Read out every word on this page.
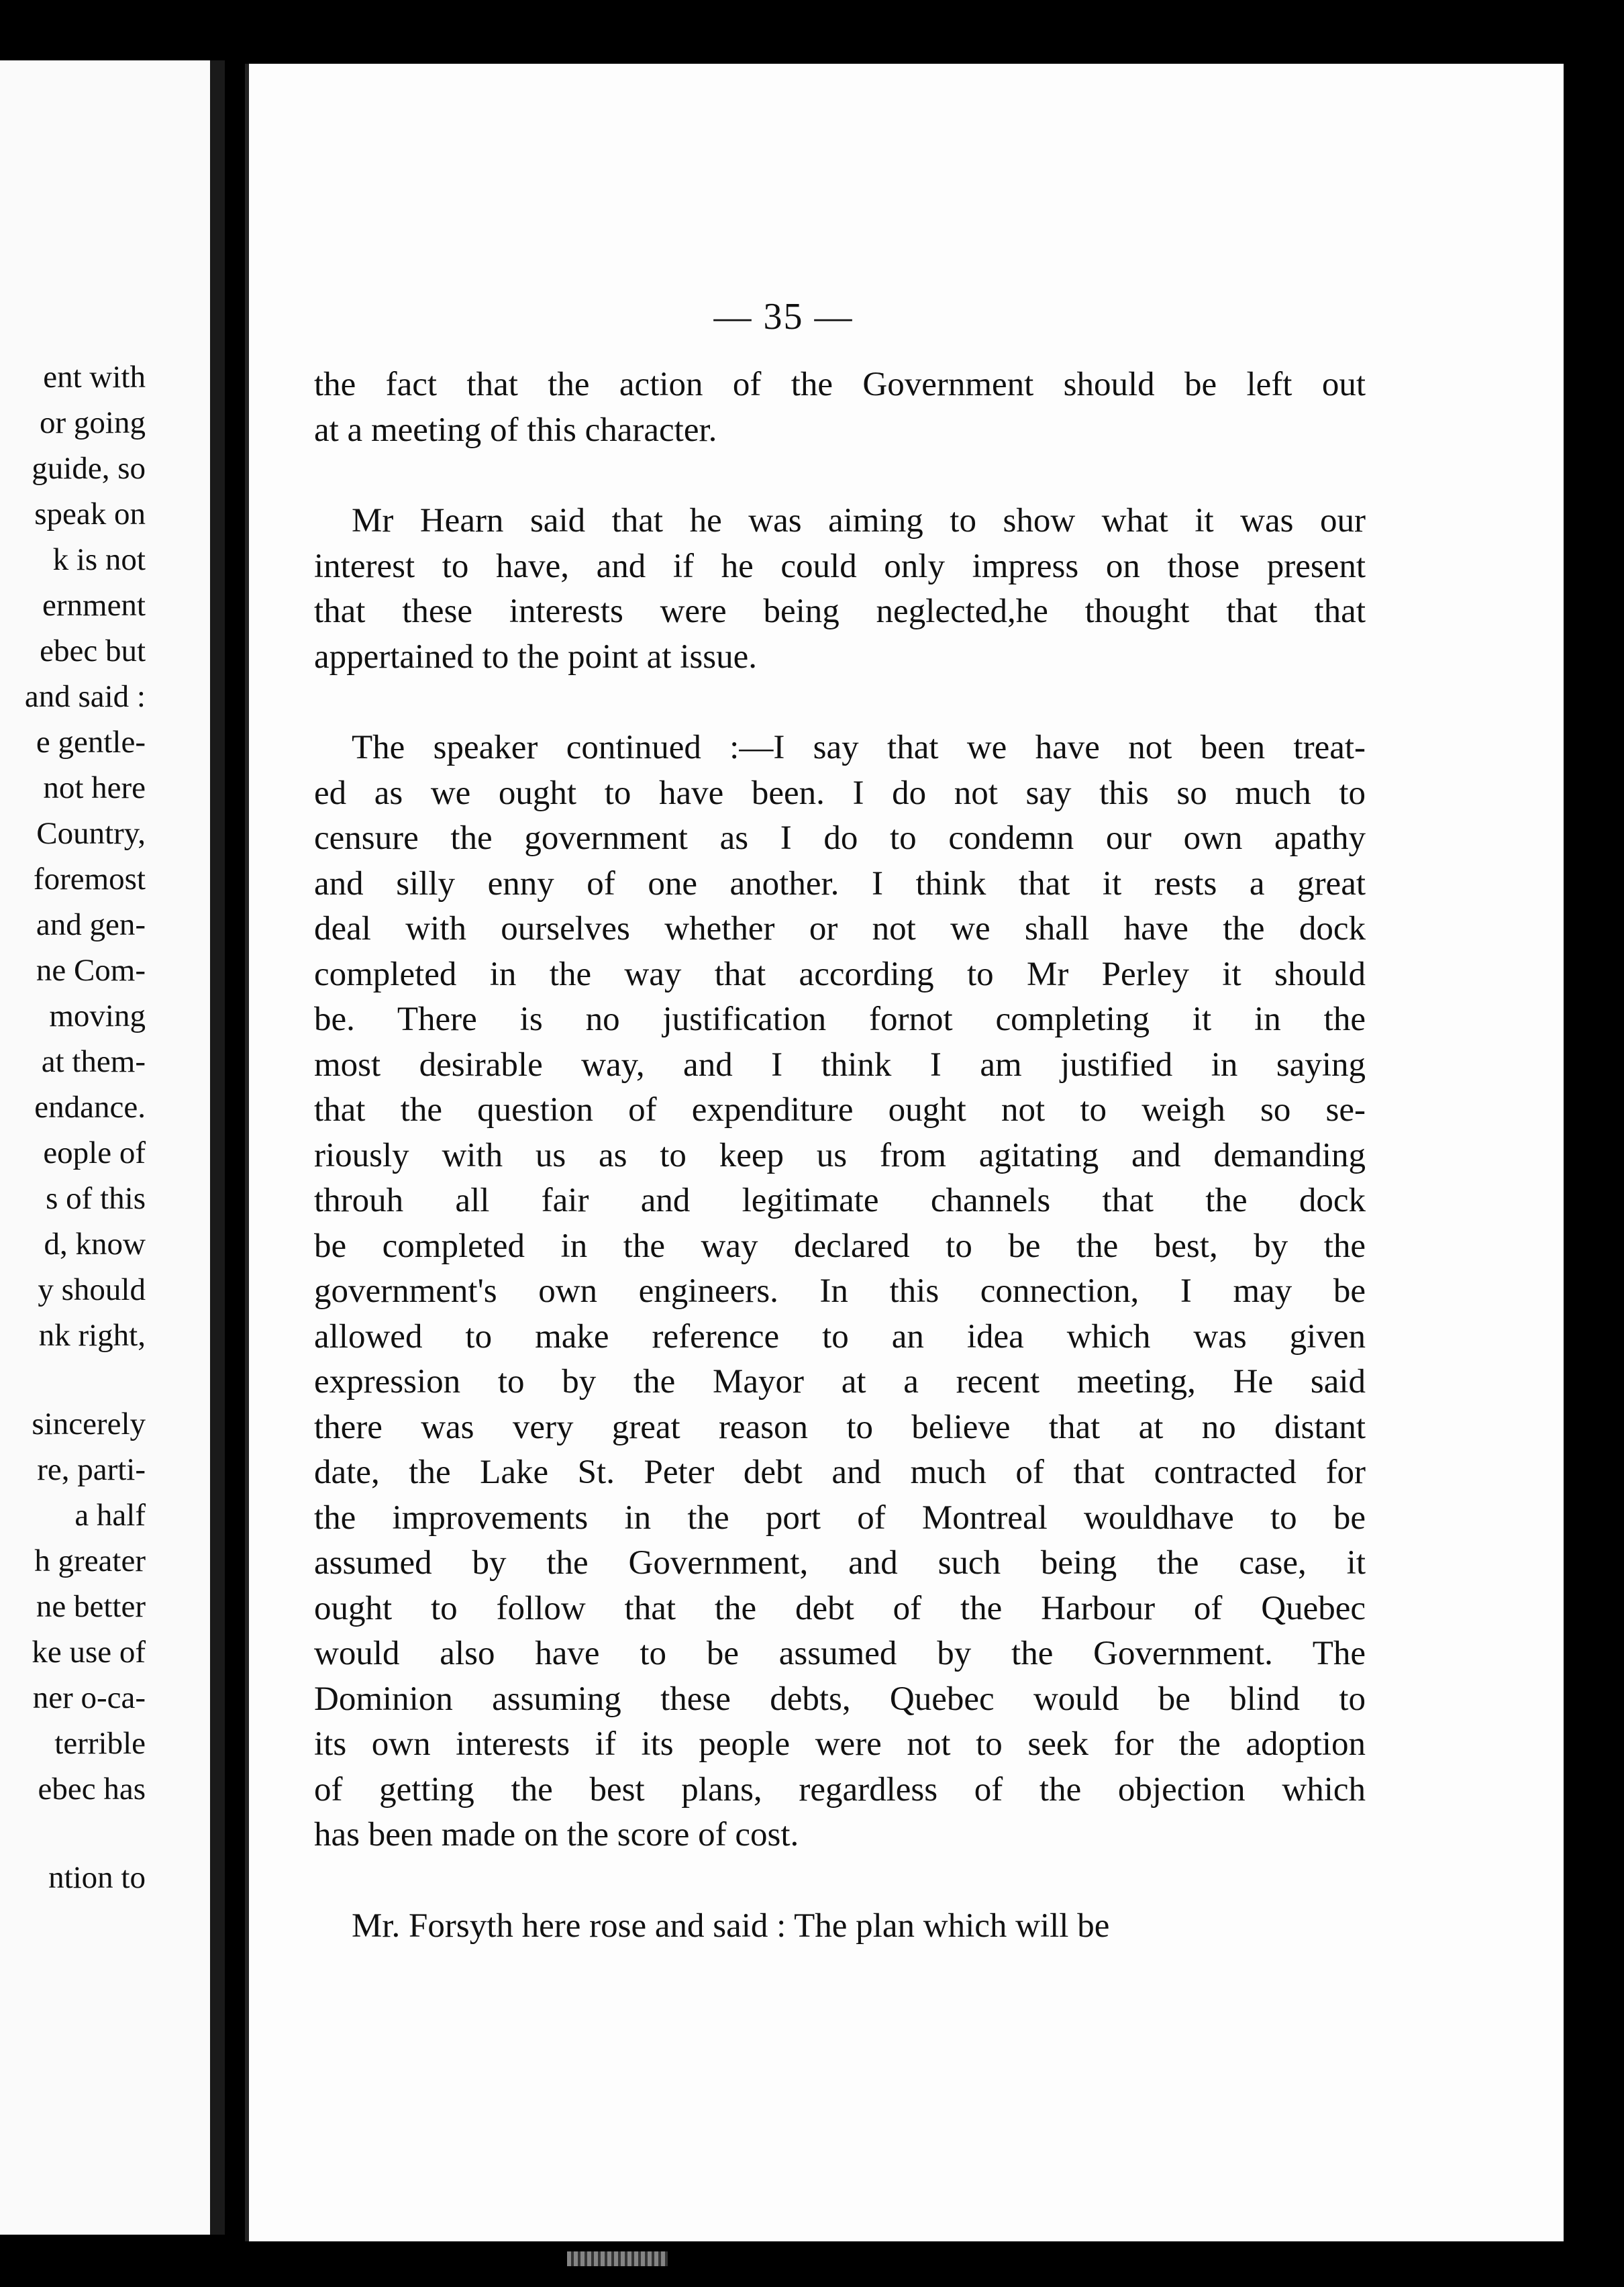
ent with
or going
guide, so
speak on
k is not
ernment
ebec but
and said :
e gentle-
not here
Country,
foremost
and gen-
ne Com-
moving
at them-
endance.
eople of
s of this
d, know
y should
nk right,
sincerely
re, parti-
a half
h greater
ne better
ke use of
ner o-ca-
terrible
ebec has
ntion to
— 35 —
the fact that the action of the Government should be left out
at a meeting of this character.
Mr Hearn said that he was aiming to show what it was our
interest to have, and if he could only impress on those present
that these interests were being neglected,he thought that that
appertained to the point at issue.
The speaker continued :—I say that we have not been treat-
ed as we ought to have been. I do not say this so much to
censure the government as I do to condemn our own apathy
and silly enny of one another. I think that it rests a great
deal with ourselves whether or not we shall have the dock
completed in the way that according to Mr Perley it should
be. There is no justification fornot completing it in the
most desirable way, and I think I am justified in saying
that the question of expenditure ought not to weigh so se-
riously with us as to keep us from agitating and demanding
throuh all fair and legitimate channels that the dock
be completed in the way declared to be the best, by the
government's own engineers. In this connection, I may be
allowed to make reference to an idea which was given
expression to by the Mayor at a recent meeting, He said
there was very great reason to believe that at no distant
date, the Lake St. Peter debt and much of that contracted for
the improvements in the port of Montreal wouldhave to be
assumed by the Government, and such being the case, it
ought to follow that the debt of the Harbour of Quebec
would also have to be assumed by the Government. The
Dominion assuming these debts, Quebec would be blind to
its own interests if its people were not to seek for the adoption
of getting the best plans, regardless of the objection which
has been made on the score of cost.
Mr. Forsyth here rose and said : The plan which will be
